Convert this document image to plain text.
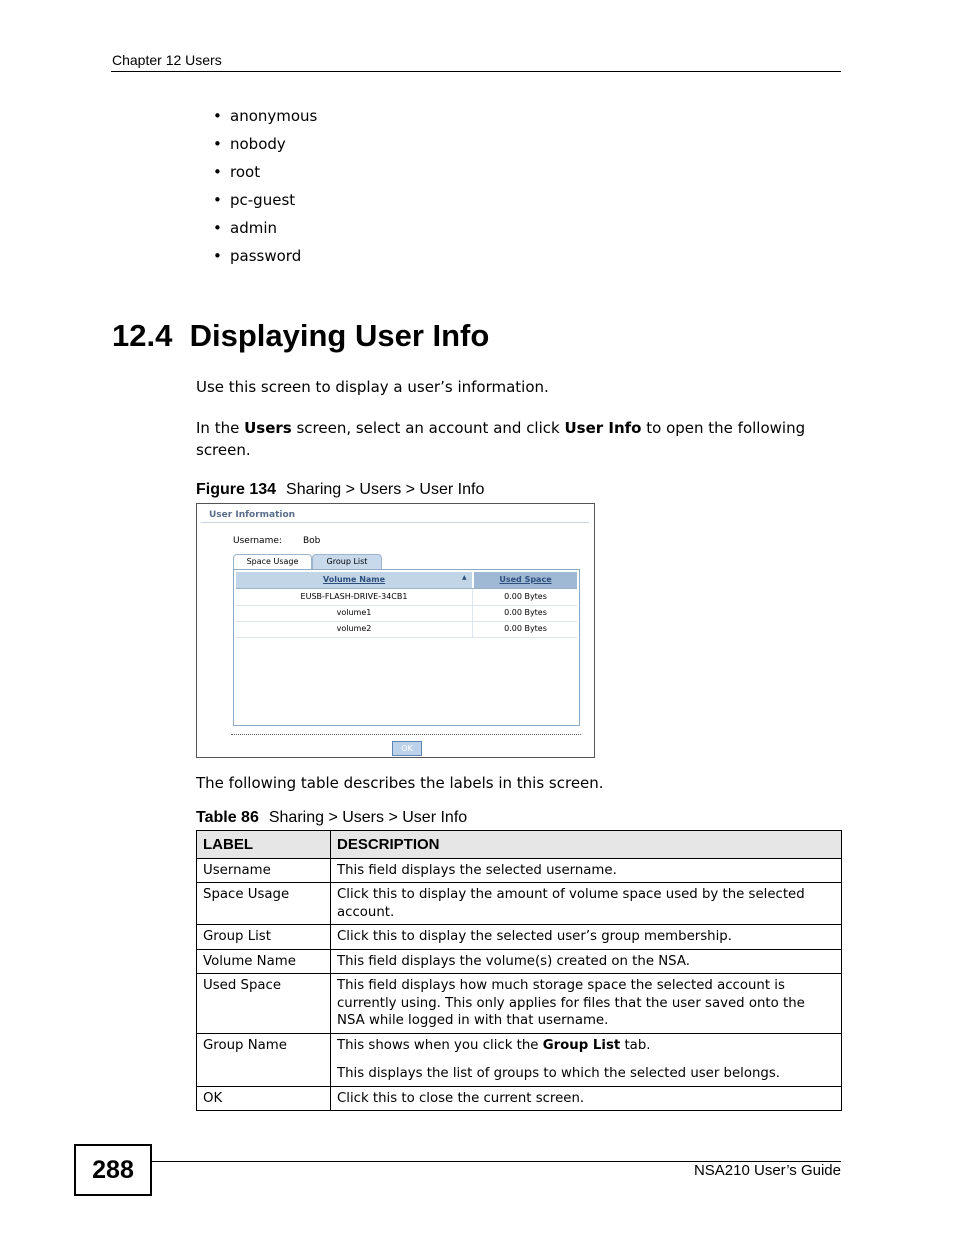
Chapter 12 Users
• anonymous
• nobody
• root
• pc-guest
• admin
• password
12.4 Displaying User Info

Use this screen to display a user’s information.

In the Users screen, select an account and click User Info to open the following screen.

Figure 134 Sharing > Users > User Info
User Information
Username: Bob
Space Usage	Group List
Volume Name	▲	Used Space
EUSB-FLASH-DRIVE-34CB1	0.00 Bytes
volume1	0.00 Bytes
volume2	0.00 Bytes
OK

The following table describes the labels in this screen.

Table 86 Sharing > Users > User Info
LABEL	DESCRIPTION
Username	This field displays the selected username.
Space Usage	Click this to display the amount of volume space used by the selected account.
Group List	Click this to display the selected user’s group membership.
Volume Name	This field displays the volume(s) created on the NSA.
Used Space	This field displays how much storage space the selected account is currently using. This only applies for files that the user saved onto the NSA while logged in with that username.
Group Name	This shows when you click the Group List tab.

This displays the list of groups to which the selected user belongs.

OK	Click this to close the current screen.
288	NSA210 User’s Guide
